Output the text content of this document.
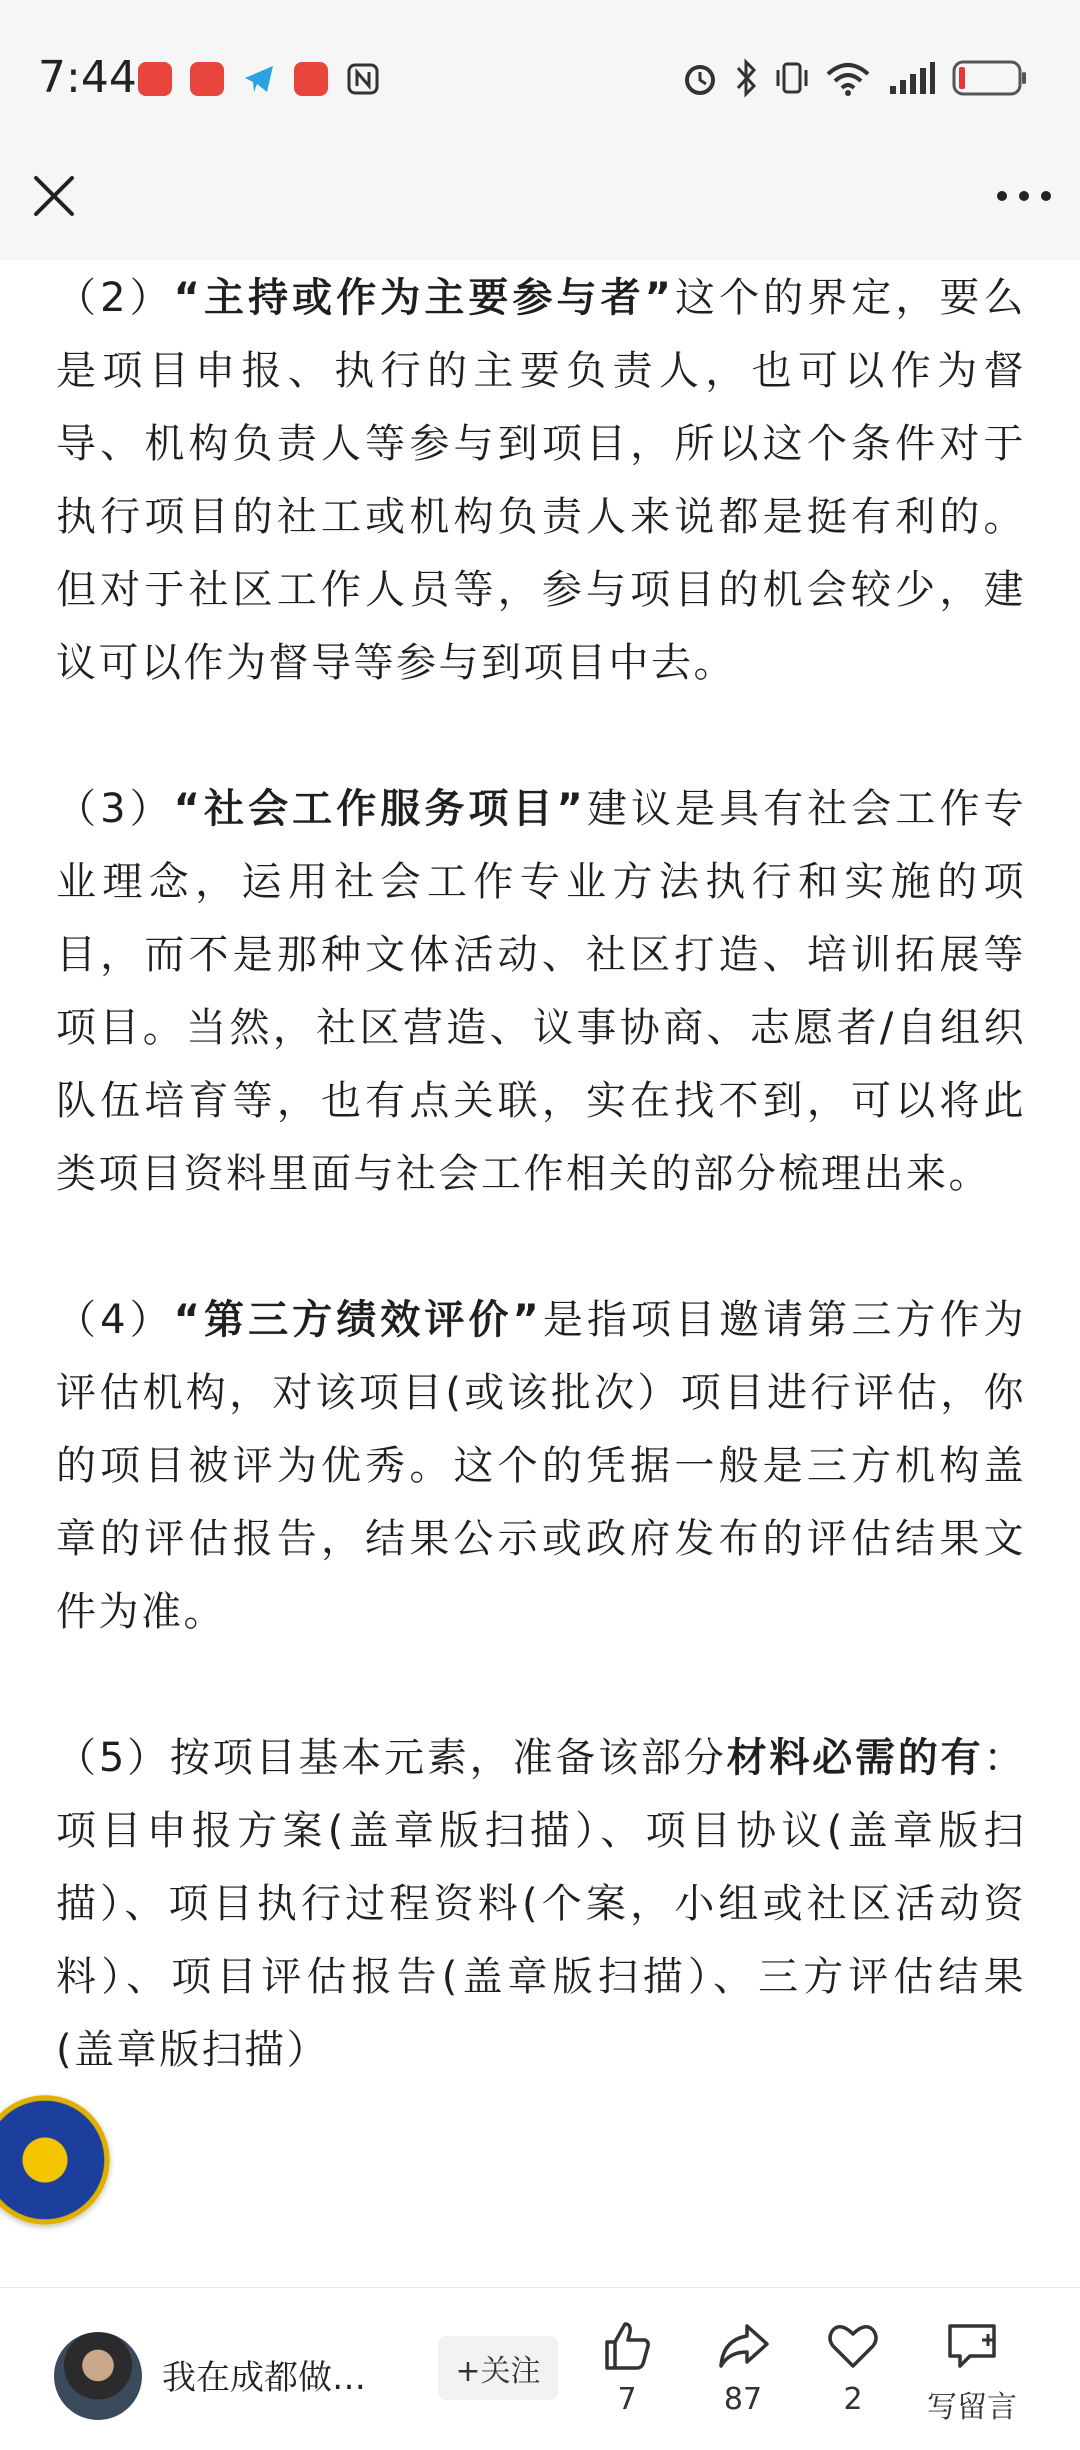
7:44

（2）“主持或作为主要参与者”这个的界定，要么是项目申报、执行的主要负责人，也可以作为督导、机构负责人等参与到项目，所以这个条件对于执行项目的社工或机构负责人来说都是挺有利的。但对于社区工作人员等，参与项目的机会较少，建议可以作为督导等参与到项目中去。

（3）“社会工作服务项目”建议是具有社会工作专业理念，运用社会工作专业方法执行和实施的项目，而不是那种文体活动、社区打造、培训拓展等项目。当然，社区营造、议事协商、志愿者/自组织队伍培育等，也有点关联，实在找不到，可以将此类项目资料里面与社会工作相关的部分梳理出来。

（4）“第三方绩效评价”是指项目邀请第三方作为评估机构，对该项目(或该批次）项目进行评估，你的项目被评为优秀。这个的凭据一般是三方机构盖章的评估报告，结果公示或政府发布的评估结果文件为准。

（5）按项目基本元素，准备该部分材料必需的有：项目申报方案(盖章版扫描）、项目协议(盖章版扫描）、项目执行过程资料(个案，小组或社区活动资料）、项目评估报告(盖章版扫描）、三方评估结果(盖章版扫描）

我在成都做…	+关注
7	87	2	写留言
